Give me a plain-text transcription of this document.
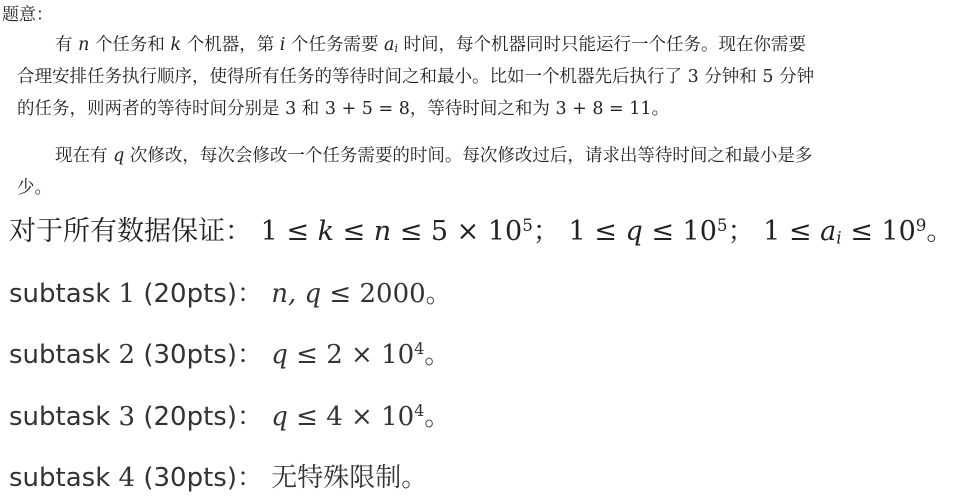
题意：
有 n 个任务和 k 个机器，第 i 个任务需要 $a_i$ 时间，每个机器同时只能运行一个任务。现在你需要
合理安排任务执行顺序，使得所有任务的等待时间之和最小。比如一个机器先后执行了 3 分钟和 5 分钟
的任务，则两者的等待时间分别是 3 和 3 + 5 = 8，等待时间之和为 3 + 8 = 11。
现在有 q 次修改，每次会修改一个任务需要的时间。每次修改过后，请求出等待时间之和最小是多
少。
对于所有数据保证： $1 \le k \le n \le 5 \times 10^5$； $1 \le q \le 10^5$； $1 \le a_i \le 10^9$。
subtask 1 (20pts)： n, q ≤ 2000。
subtask 2 (30pts)： $q \le 2 \times 10^4$。
subtask 3 (20pts)： $q \le 4 \times 10^4$。
subtask 4 (30pts)： 无特殊限制。
